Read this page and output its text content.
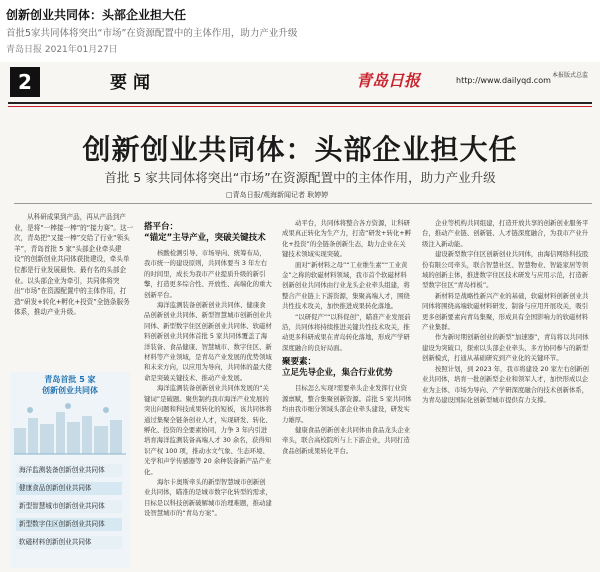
创新创业共同体：头部企业担大任
首批5家共同体将突出“市场”在资源配置中的主体作用，助力产业升级
青岛日报 2021年01月27日
2	要闻	青岛日报	http://www.dailyqd.com
本报版式总监
创新创业共同体：头部企业担大任
首批 5 家共同体将突出“市场”在资源配置中的主体作用，助力产业升级
□青岛日报/观海新闻记者 耿婷婷

从科研成果到产品，再从产品到产业，是将“一棒接一棒”的“接力赛”。这一次，青岛把“又接一棒”交给了行业“领头羊”，青岛首批 5 家“头部企业牵头建设”的创新创业共同体获批建设，牵头单位都是行业发展最快、最有名的头部企业。以头部企业为牵引，共同体将突出“市场”在资源配置中的主体作用，打造“研发+转化+孵化+投资”全链条服务体系，推动产业升级。

青岛首批 5 家
创新创业共同体
海洋监测装备创新创业共同体
健康食品创新创业共同体
新型智慧城市创新创业共同体
新型数字住区创新创业共同体
软磁材料创新创业共同体
搭平台：
“锚定”主导产业，突破关键技术

核酸检测引导、市场导向、统筹布局，我市统一的建设原则，共同体要当 3 年左右的时间里，成长为我市产业提质升级的新引擎，打造更多综合性、开放性、高端化的重大创新平台。

海洋监测装备创新创业共同体、健康食品创新创业共同体、新型智慧城市创新创业共同体、新型数字住区创新创业共同体、软磁材料创新创业共同体首批 5 家共同体覆盖了海洋装备、食品健康、智慧城市、数字住区、新材料等产业领域，是青岛产业发展的优势领域和未来方向，以应用为导向，共同体的最大使命是突破关键技术、推动产业发展。

海洋监测装备创新创业共同体发展的“关键词”是破题。聚焦制约我市海洋产业发展的突出问题和科技成果转化的短板，该共同体将通过集聚全链条创业人才，实现研发、转化、孵化、投资的全要素协同，力争 3 年内引进培育海洋监测装备高端人才 30 余名，获得知识产权 100 项，推动水文气象、生态环境、光学和声学传感器等 20 余种装备新产品产业化。

海尔卡奥斯牵头的新型智慧城市创新创业共同体，瞄准的是城市数字化转型的需求，目标是以科技创新破解城市治理难题，推动建设智慧城市的“青岛方案”。

动平台，共同体将整合各方资源，让科研成果真正转化为生产力，打造“研发+转化+孵化+投资”的全链条创新生态，助力企业在关键技术领域实现突破。

面对“新材料之母”“工业维生素”“工业黄金”之称的软磁材料领域，我市首个软磁材料创新创业共同体由行业龙头企业牵头组建，将整合产业链上下游资源，集聚高端人才，围绕共性技术攻关，加快推进成果转化落地。

“以研促产”“以科促创”，瞄准产业发展前沿，共同体将持续推进关键共性技术攻关，推动更多科研成果在青岛转化落地，形成产学研深度融合的良好局面。

聚要素：
立足先导企业，集合行业优势

目标怎么实现?需要牵头企业发挥行业资源禀赋，整合集聚创新资源。首批 5 家共同体均由我市细分领域头部企业牵头建设，研发实力雄厚。

健康食品创新创业共同体由食品龙头企业牵头，联合高校院所与上下游企业，共同打造食品创新成果转化平台。

企业等机构共同组建，打造开放共享的创新创业服务平台，推动产业链、创新链、人才链深度融合，为我市产业升级注入新动能。

建设新型数字住区创新创业共同体，由海信网络科技股份有限公司牵头，联合智慧社区、智慧物业、智能家居等领域的创新主体，推进数字住区技术研发与应用示范，打造新型数字住区“青岛样板”。

新材料是战略性新兴产业的基础，软磁材料创新创业共同体将围绕高端软磁材料研发、制备与应用开展攻关，吸引更多创新要素向青岛集聚，形成具有全国影响力的软磁材料产业集群。

作为新时期创新创业的新型“加速器”，青岛将以共同体建设为突破口，探索以头部企业牵头、多方协同参与的新型创新模式，打通从基础研究到产业化的关键环节。

按照计划，到 2023 年，我市将建设 20 家左右创新创业共同体，培育一批创新型企业和领军人才，加快形成以企业为主体、市场为导向、产学研深度融合的技术创新体系，为青岛建设国际化创新型城市提供有力支撑。
